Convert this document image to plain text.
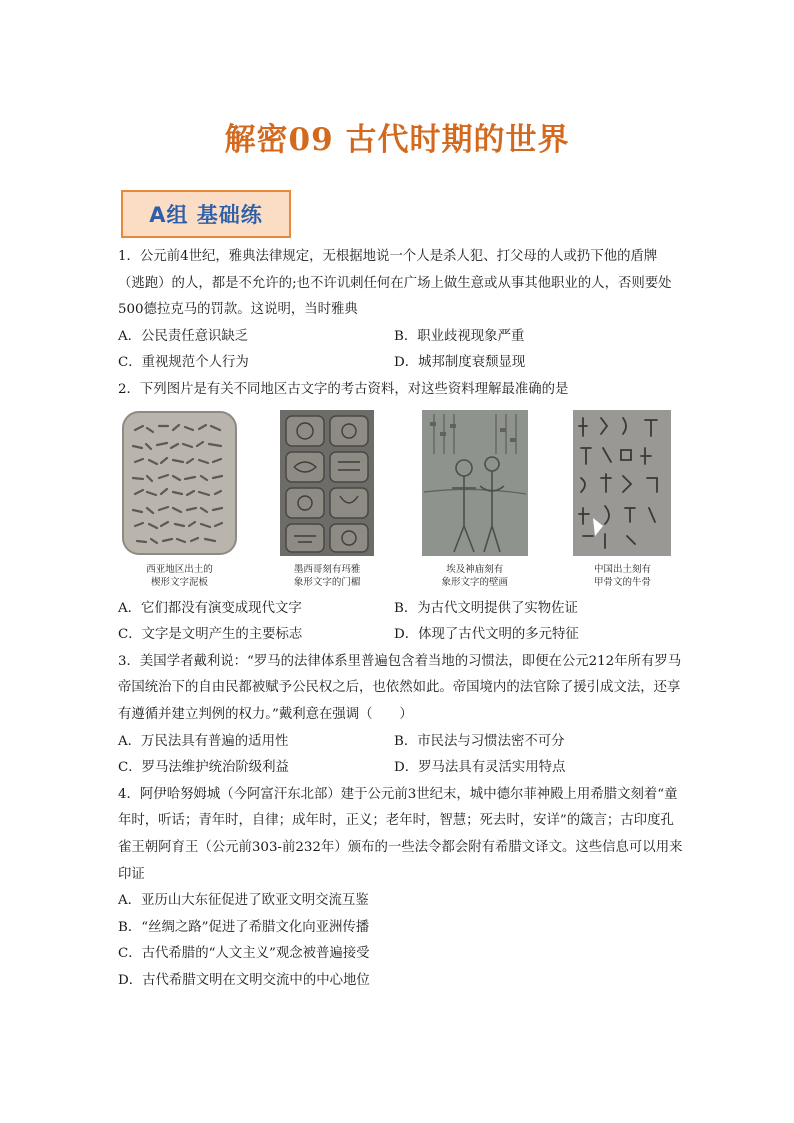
解密09 古代时期的世界
A组 基础练

1．公元前4世纪，雅典法律规定，无根据地说一个人是杀人犯、打父母的人或扔下他的盾牌（逃跑）的人，都是不允许的;也不许讥刺任何在广场上做生意或从事其他职业的人，否则要处500德拉克马的罚款。这说明，当时雅典

A．公民责任意识缺乏	B．职业歧视现象严重
C．重视规范个人行为	D．城邦制度衰颓显现

2．下列图片是有关不同地区古文字的考古资料，对这些资料理解最准确的是

西亚地区出土的
楔形文字泥板
墨西哥刻有玛雅
象形文字的门楣
埃及神庙刻有
象形文字的壁画
中国出土刻有
甲骨文的牛骨
A．它们都没有演变成现代文字	B．为古代文明提供了实物佐证
C．文字是文明产生的主要标志	D．体现了古代文明的多元特征

3．美国学者戴利说：“罗马的法律体系里普遍包含着当地的习惯法，即便在公元212年所有罗马帝国统治下的自由民都被赋予公民权之后，也依然如此。帝国境内的法官除了援引成文法，还享有遵循并建立判例的权力。”戴利意在强调（　　）

A．万民法具有普遍的适用性	B．市民法与习惯法密不可分
C．罗马法维护统治阶级利益	D．罗马法具有灵活实用特点

4．阿伊哈努姆城（今阿富汗东北部）建于公元前3世纪末，城中德尔菲神殿上用希腊文刻着“童年时，听话；青年时，自律；成年时，正义；老年时，智慧；死去时，安详”的箴言；古印度孔雀王朝阿育王（公元前303-前232年）颁布的一些法令都会附有希腊文译文。这些信息可以用来印证

A．亚历山大东征促进了欧亚文明交流互鉴
B．“丝绸之路”促进了希腊文化向亚洲传播
C．古代希腊的“人文主义”观念被普遍接受
D．古代希腊文明在文明交流中的中心地位
